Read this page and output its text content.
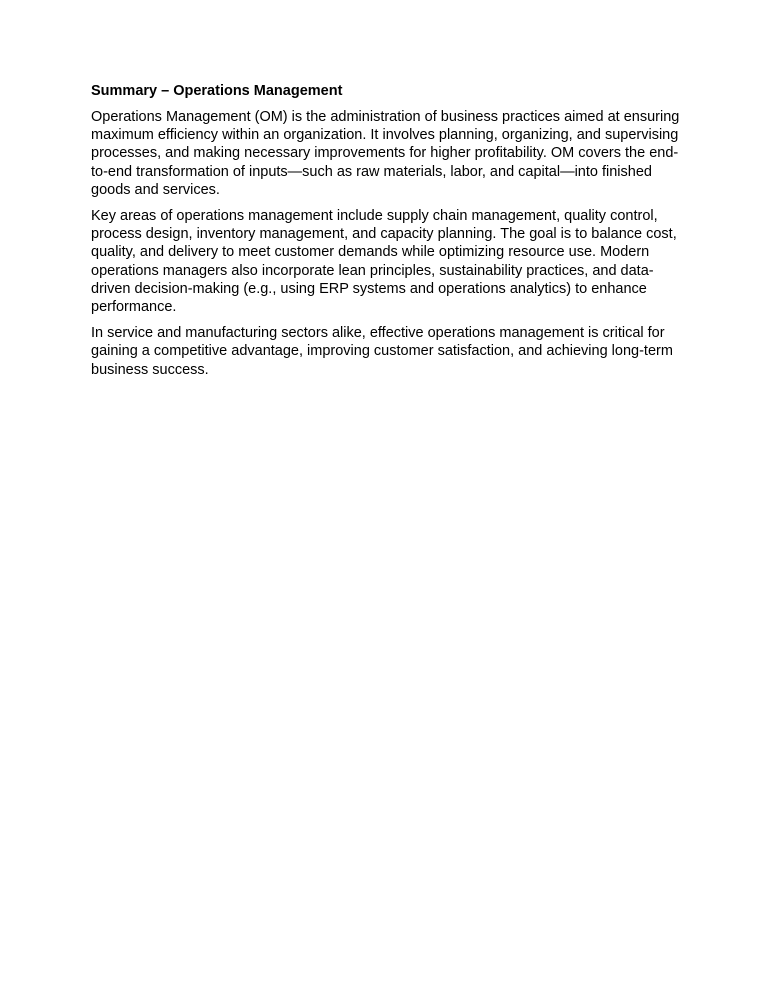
Summary – Operations Management

Operations Management (OM) is the administration of business practices aimed at ensuring maximum efficiency within an organization. It involves planning, organizing, and supervising processes, and making necessary improvements for higher profitability. OM covers the end-to-end transformation of inputs—such as raw materials, labor, and capital—into finished goods and services.

Key areas of operations management include supply chain management, quality control, process design, inventory management, and capacity planning. The goal is to balance cost, quality, and delivery to meet customer demands while optimizing resource use. Modern operations managers also incorporate lean principles, sustainability practices, and data-driven decision-making (e.g., using ERP systems and operations analytics) to enhance performance.

In service and manufacturing sectors alike, effective operations management is critical for gaining a competitive advantage, improving customer satisfaction, and achieving long-term business success.
